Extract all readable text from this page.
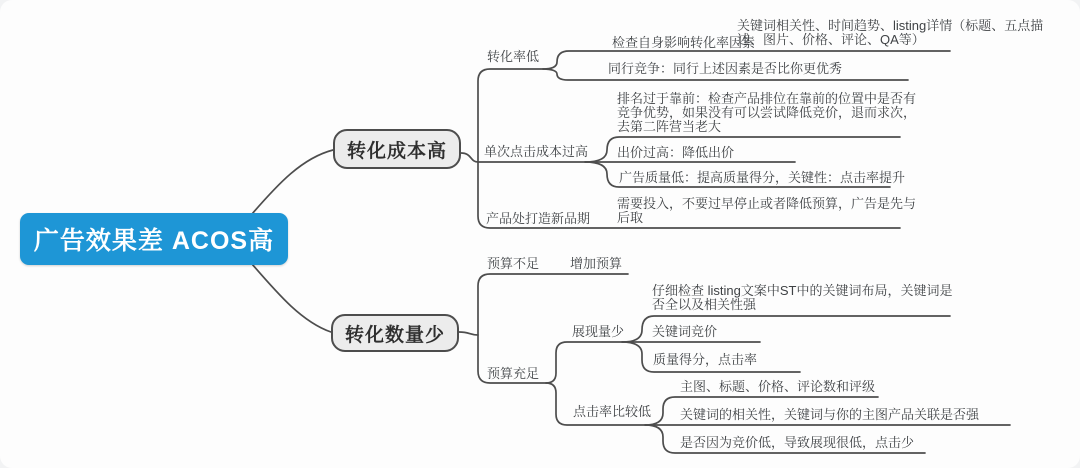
广告效果差 ACOS高
转化成本高
转化数量少
转化率低
检查自身影响转化率因素
关键词相关性、时间趋势、listing详情（标题、五点描述、图片、价格、评论、QA等）
同行竞争：同行上述因素是否比你更优秀
单次点击成本过高
排名过于靠前：检查产品排位在靠前的位置中是否有竞争优势，如果没有可以尝试降低竞价，退而求次，去第二阵营当老大
出价过高：降低出价
广告质量低：提高质量得分，关键性：点击率提升
产品处打造新品期
需要投入，不要过早停止或者降低预算，广告是先与后取
预算不足 增加预算
预算充足
展现量少
仔细检查 listing文案中ST中的关键词布局，关键词是否全以及相关性强
关键词竞价
质量得分，点击率
点击率比较低
主图、标题、价格、评论数和评级
关键词的相关性，关键词与你的主图产品关联是否强
是否因为竞价低，导致展现很低，点击少
